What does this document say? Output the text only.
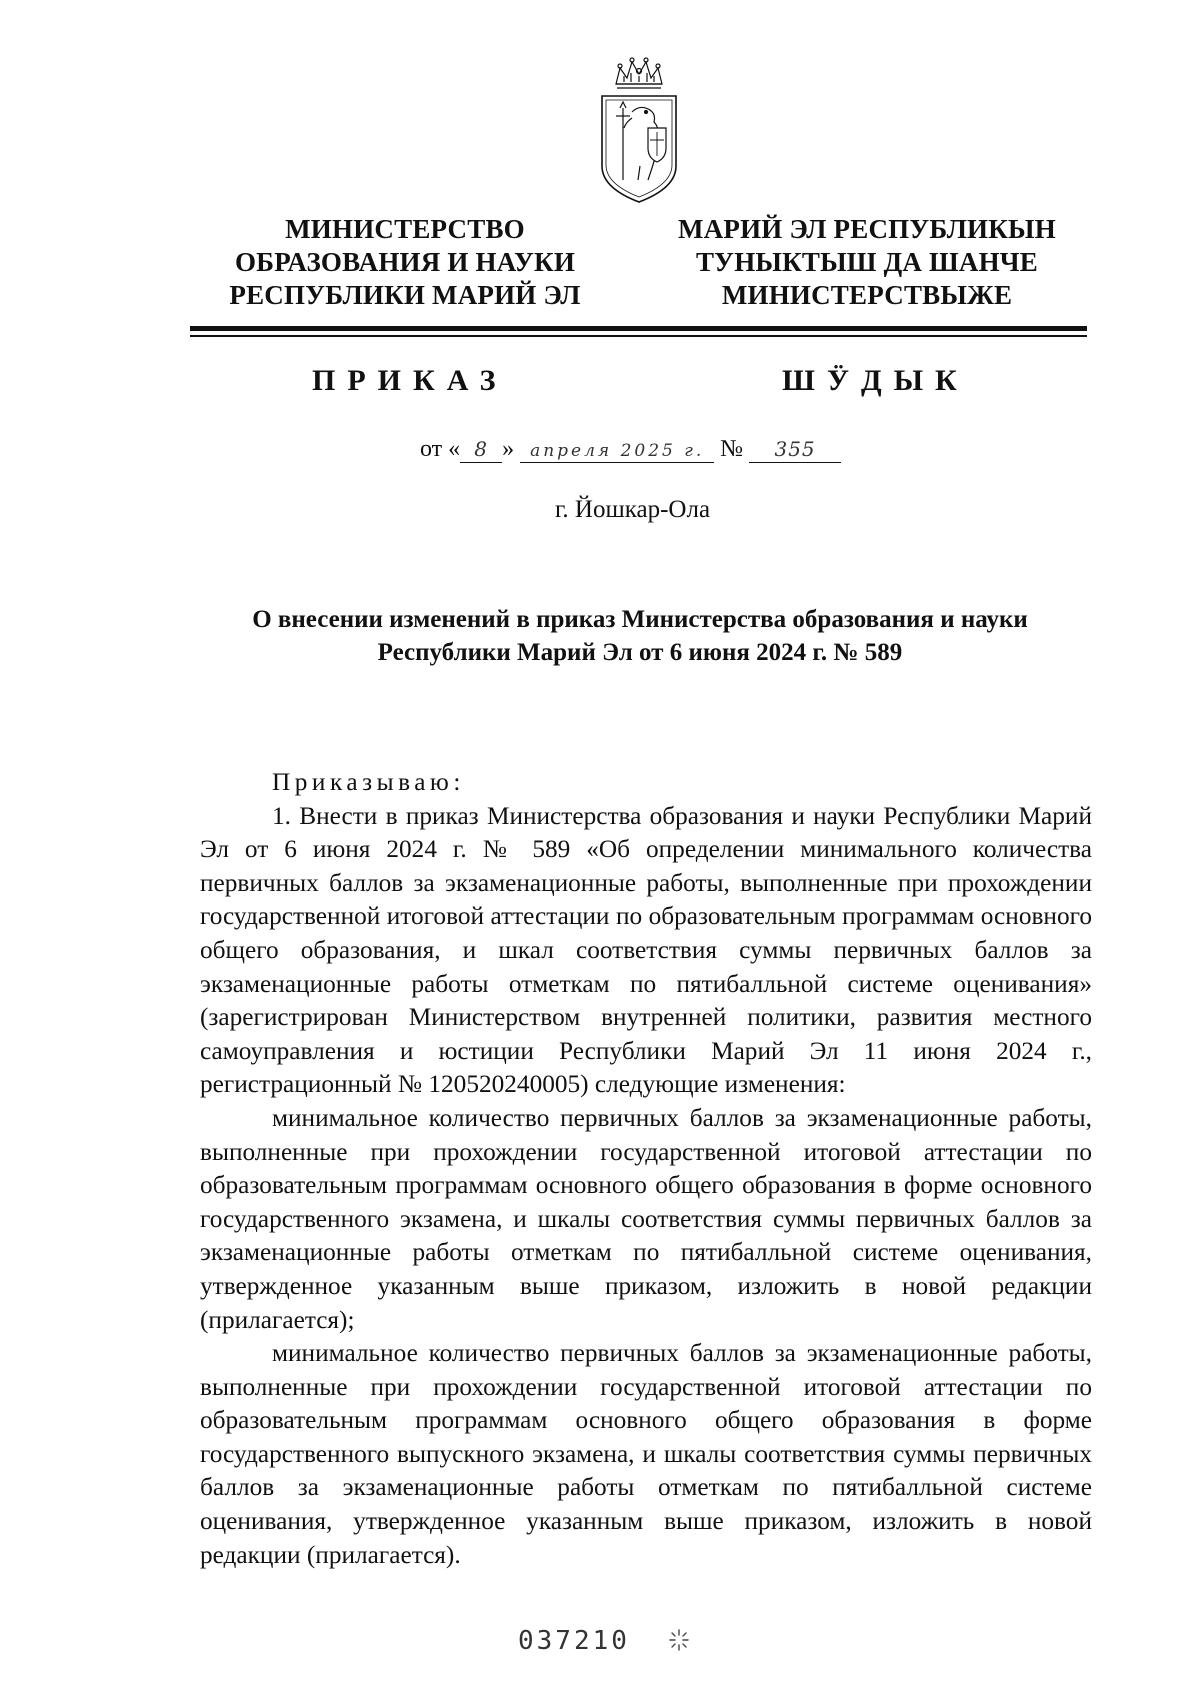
МИНИСТЕРСТВО
ОБРАЗОВАНИЯ И НАУКИ
РЕСПУБЛИКИ МАРИЙ ЭЛ
МАРИЙ ЭЛ РЕСПУБЛИКЫН
ТУНЫКТЫШ ДА ШАНЧЕ
МИНИСТЕРСТВЫЖЕ
ПРИКАЗ	ШӰДЫК
от « 8 » апреля 2025 г. № 355
г. Йошкар-Ола
О внесении изменений в приказ Министерства образования и науки
Республики Марий Эл от 6 июня 2024 г. № 589
Приказываю:

1. Внести в приказ Министерства образования и науки Республики Марий Эл от 6 июня 2024 г. № 589 «Об определении минимального количества первичных баллов за экзаменационные работы, выполненные при прохождении государственной итоговой аттестации по образовательным программам основного общего образования, и шкал соответствия суммы первичных баллов за экзаменационные работы отметкам по пятибалльной системе оценивания» (зарегистрирован Министерством внутренней политики, развития местного самоуправления и юстиции Республики Марий Эл 11 июня 2024 г., регистрационный № 120520240005) следующие изменения:

минимальное количество первичных баллов за экзаменационные работы, выполненные при прохождении государственной итоговой аттестации по образовательным программам основного общего образования в форме основного государственного экзамена, и шкалы соответствия суммы первичных баллов за экзаменационные работы отметкам по пятибалльной системе оценивания, утвержденное указанным выше приказом, изложить в новой редакции (прилагается);

минимальное количество первичных баллов за экзаменационные работы, выполненные при прохождении государственной итоговой аттестации по образовательным программам основного общего образования в форме государственного выпускного экзамена, и шкалы соответствия суммы первичных баллов за экзаменационные работы отметкам по пятибалльной системе оценивания, утвержденное указанным выше приказом, изложить в новой редакции (прилагается).

037210
